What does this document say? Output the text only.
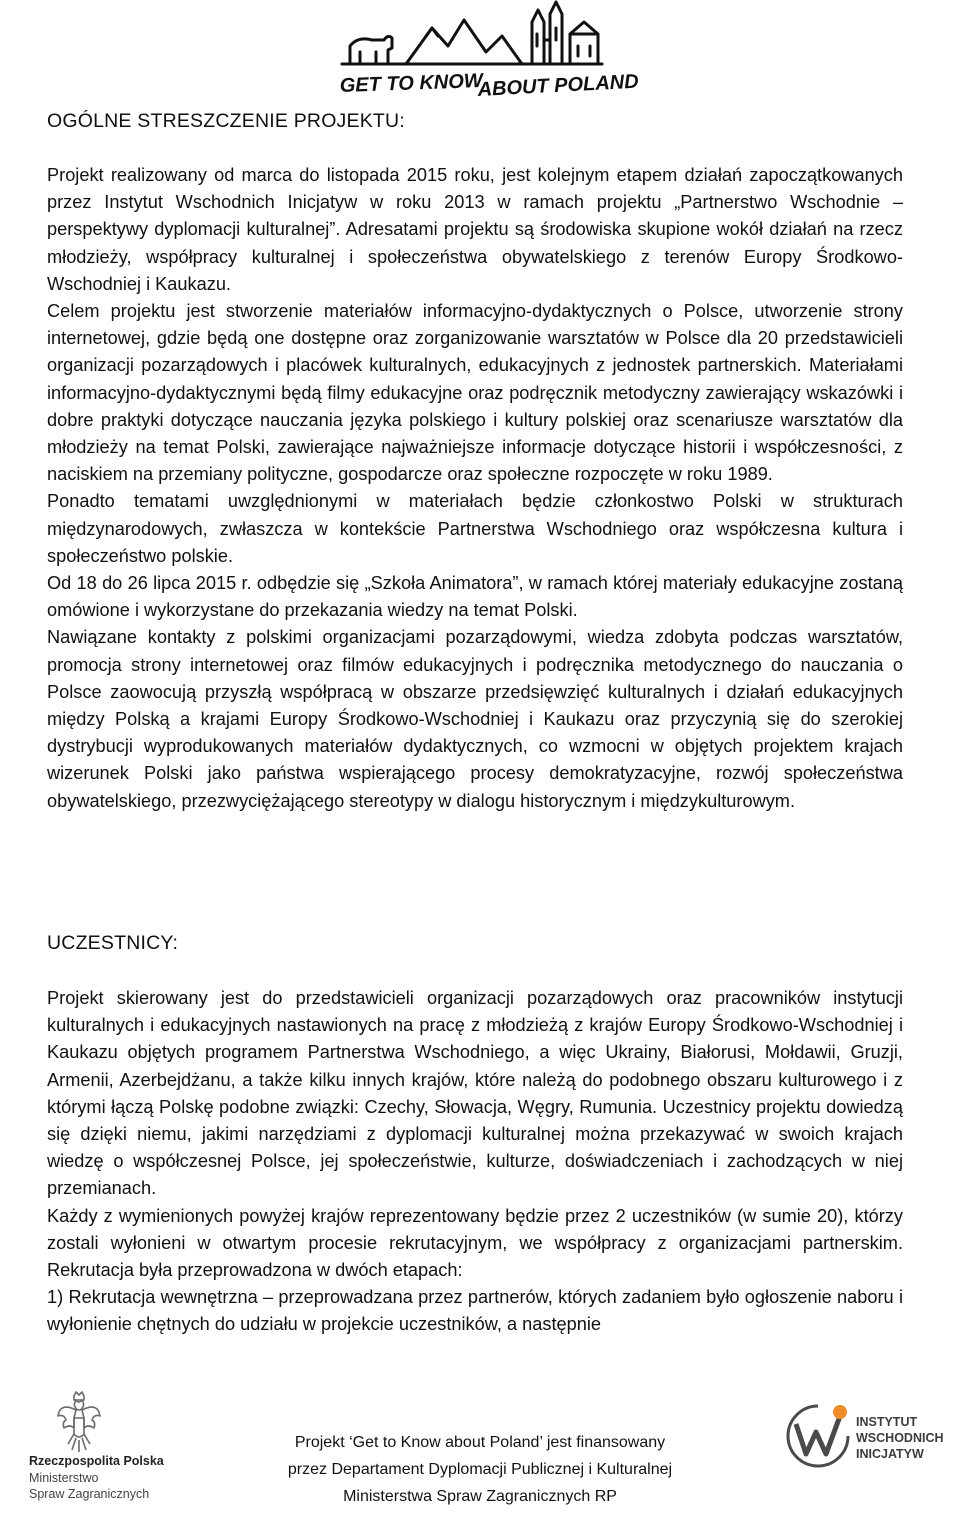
GET TO KNOW
ABOUT POLAND
OGÓLNE STRESZCZENIE PROJEKTU:

Projekt realizowany od marca do listopada 2015 roku, jest kolejnym etapem działań zapoczątkowanych przez Instytut Wschodnich Inicjatyw w roku 2013 w ramach projektu „Partnerstwo Wschodnie – perspektywy dyplomacji kulturalnej”. Adresatami projektu są środowiska skupione wokół działań na rzecz młodzieży, współpracy kulturalnej i społeczeństwa obywatelskiego z terenów Europy Środkowo-Wschodniej i Kaukazu.

Celem projektu jest stworzenie materiałów informacyjno-dydaktycznych o Polsce, utworzenie strony internetowej, gdzie będą one dostępne oraz zorganizowanie warsztatów w Polsce dla 20 przedstawicieli organizacji pozarządowych i placówek kulturalnych, edukacyjnych z jednostek partnerskich. Materiałami informacyjno-dydaktycznymi będą filmy edukacyjne oraz podręcznik metodyczny zawierający wskazówki i dobre praktyki dotyczące nauczania języka polskiego i kultury polskiej oraz scenariusze warsztatów dla młodzieży na temat Polski, zawierające najważniejsze informacje dotyczące historii i współczesności, z naciskiem na przemiany polityczne, gospodarcze oraz społeczne rozpoczęte w roku 1989.

Ponadto tematami uwzględnionymi w materiałach będzie członkostwo Polski w strukturach międzynarodowych, zwłaszcza w kontekście Partnerstwa Wschodniego oraz współczesna kultura i społeczeństwo polskie.

Od 18 do 26 lipca 2015 r. odbędzie się „Szkoła Animatora”, w ramach której materiały edukacyjne zostaną omówione i wykorzystane do przekazania wiedzy na temat Polski.

Nawiązane kontakty z polskimi organizacjami pozarządowymi, wiedza zdobyta podczas warsztatów, promocja strony internetowej oraz filmów edukacyjnych i podręcznika metodycznego do nauczania o Polsce zaowocują przyszłą współpracą w obszarze przedsięwzięć kulturalnych i działań edukacyjnych między Polską a krajami Europy Środkowo-Wschodniej i Kaukazu oraz przyczynią się do szerokiej dystrybucji wyprodukowanych materiałów dydaktycznych, co wzmocni w objętych projektem krajach wizerunek Polski jako państwa wspierającego procesy demokratyzacyjne, rozwój społeczeństwa obywatelskiego, przezwyciężającego stereotypy w dialogu historycznym i międzykulturowym.

UCZESTNICY:

Projekt skierowany jest do przedstawicieli organizacji pozarządowych oraz pracowników instytucji kulturalnych i edukacyjnych nastawionych na pracę z młodzieżą z krajów Europy Środkowo-Wschodniej i Kaukazu objętych programem Partnerstwa Wschodniego, a więc Ukrainy, Białorusi, Mołdawii, Gruzji, Armenii, Azerbejdżanu, a także kilku innych krajów, które należą do podobnego obszaru kulturowego i z którymi łączą Polskę podobne związki: Czechy, Słowacja, Węgry, Rumunia. Uczestnicy projektu dowiedzą się dzięki niemu, jakimi narzędziami z dyplomacji kulturalnej można przekazywać w swoich krajach wiedzę o współczesnej Polsce, jej społeczeństwie, kulturze, doświadczeniach i zachodzących w niej przemianach.

Każdy z wymienionych powyżej krajów reprezentowany będzie przez 2 uczestników (w sumie 20), którzy zostali wyłonieni w otwartym procesie rekrutacyjnym, we współpracy z organizacjami partnerskim. Rekrutacja była przeprowadzona w dwóch etapach:

1) Rekrutacja wewnętrzna – przeprowadzana przez partnerów, których zadaniem było ogłoszenie naboru i wyłonienie chętnych do udziału w projekcie uczestników, a następnie

Rzeczpospolita Polska
Ministerstwo
Spraw Zagranicznych
Projekt ‘Get to Know about Poland’ jest finansowany
przez Departament Dyplomacji Publicznej i Kulturalnej
Ministerstwa Spraw Zagranicznych RP
INSTYTUT
WSCHODNICH
INICJATYW
